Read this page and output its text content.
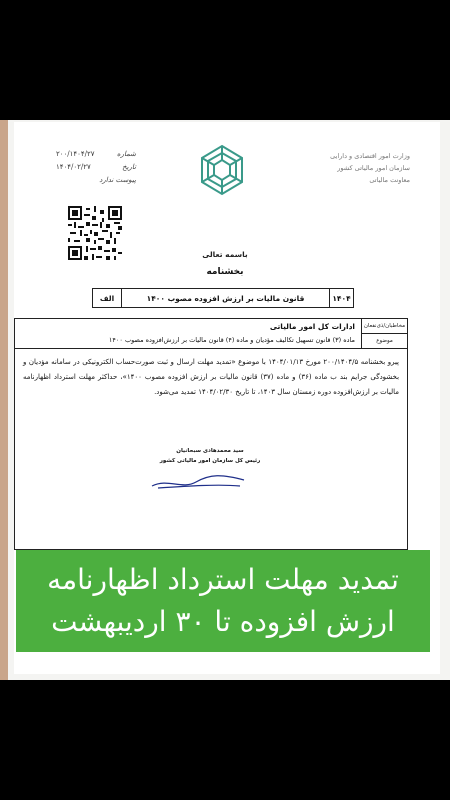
شماره
۲۰۰/۱۴۰۴/۲۷
تاریخ
۱۴۰۴/۰۲/۲۷
پیوست ندارد
وزارت امور اقتصادی و دارایی
سازمان امور مالیاتی کشور
معاونت مالیاتی
باسمه تعالی
بخشنامه
۱۴۰۴
قانون مالیات بر ارزش افزوده مصوب ۱۴۰۰
الف
مخاطبان/ذی‌نفعان
موضوع
ادارات کل امور مالیاتی
ماده (۳) قانون تسهیل تکالیف مؤدیان و ماده (۴) قانون مالیات بر ارزش‌افزوده مصوب ۱۴۰۰
پیرو بخشنامه ۲۰۰/۱۴۰۴/۵ مورخ ۱۴۰۴/۰۱/۱۳ با موضوع «تمدید مهلت ارسال و ثبت صورت‌حساب الکترونیکی در سامانه مؤدیان و بخشودگی جرایم بند ب ماده (۳۶) و ماده (۳۷) قانون مالیات بر ارزش افزوده مصوب ۱۴۰۰»، حداکثر مهلت استرداد اظهارنامه مالیات بر ارزش‌افزوده دوره زمستان سال ۱۴۰۳، تا تاریخ ۱۴۰۴/۰۲/۳۰ تمدید می‌شود.
سید محمدهادی سبحانیان
رئیس کل سازمان امور مالیاتی کشور
تمدید مهلت استرداد اظهارنامه
ارزش افزوده تا ۳۰ اردیبهشت
